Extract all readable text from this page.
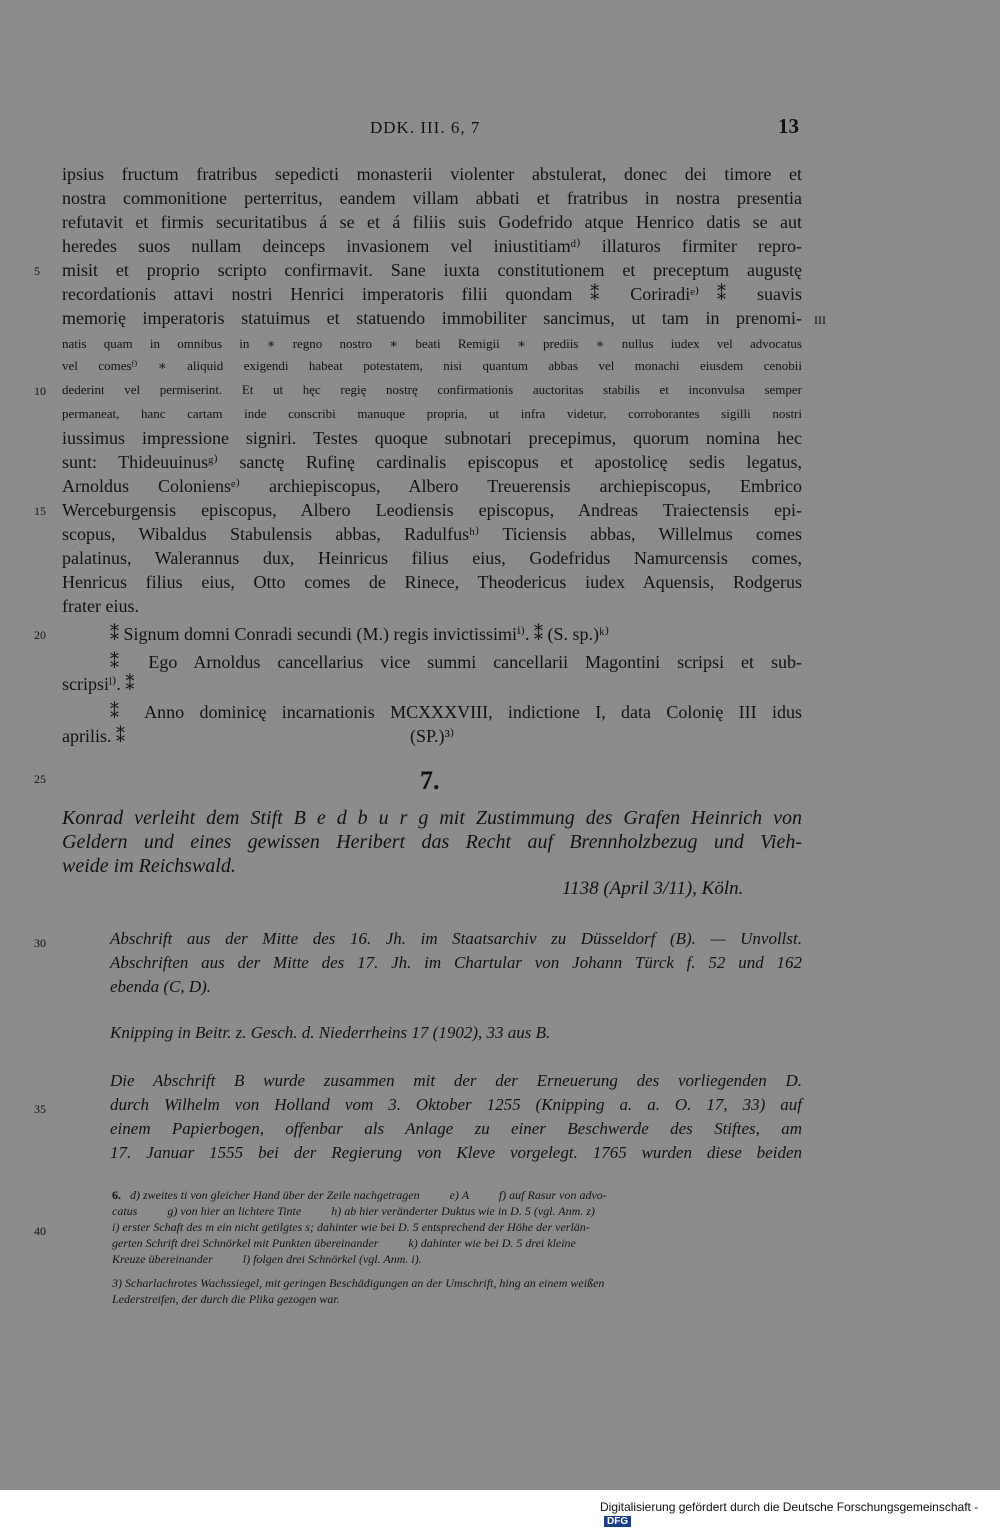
DDK. III. 6, 7	13
ipsius fructum fratribus sepedicti monasterii violenter abstulerat, donec dei timore et
nostra commonitione perterritus, eandem villam abbati et fratribus in nostra presentia
refutavit et firmis securitatibus á se et á filiis suis Godefrido atque Henrico datis se aut
heredes suos nullam deinceps invasionem vel iniustitiamᵈ⁾ illaturos firmiter repro-
misit et proprio scripto confirmavit. Sane iuxta constitutionem et preceptum augustę
recordationis attavi nostri Henrici imperatoris filii quondam ⁑ Coriradiᵉ⁾ ⁑ suavis
memorię imperatoris statuimus et statuendo immobiliter sancimus, ut tam in prenomi-
natis quam in omnibus in ∗ regno nostro ∗ beati Remigii ∗ prediis ∗ nullus iudex vel advocatus
vel comesᶠ⁾ ∗ aliquid exigendi habeat potestatem, nisi quantum abbas vel monachi eiusdem cenobii
dederint vel permiserint. Et ut hęc regię nostrę confirmationis auctoritas stabilis et inconvulsa semper
permaneat, hanc cartam inde conscribi manuque propria, ut infra videtur, corroborantes sigilli nostri
iussimus impressione signiri. Testes quoque subnotari precepimus, quorum nomina hec
sunt: Thideuuinusᵍ⁾ sanctę Rufinę cardinalis episcopus et apostolicę sedis legatus,
Arnoldus Coloniensᵉ⁾ archiepiscopus, Albero Treuerensis archiepiscopus, Embrico
Werceburgensis episcopus, Albero Leodiensis episcopus, Andreas Traiectensis epi-
scopus, Wibaldus Stabulensis abbas, Radulfusʰ⁾ Ticiensis abbas, Willelmus comes
palatinus, Walerannus dux, Heinricus filius eius, Godefridus Namurcensis comes,
Henricus filius eius, Otto comes de Rinece, Theodericus iudex Aquensis, Rodgerus
frater eius.
⁑ Signum domni Conradi secundi (M.) regis invictissimiⁱ⁾. ⁑ (S. sp.)ᵏ⁾
⁑ Ego Arnoldus cancellarius vice summi cancellarii Magontini scripsi et sub-
scripsiˡ⁾. ⁑
⁑ Anno dominicę incarnationis MCXXXVIII, indictione I, data Colonię III idus
aprilis. ⁑	(SP.)³⁾
5
10
15
20
25
30
35
40
III
7.
Konrad verleiht dem Stift B e d b u r g mit Zustimmung des Grafen Heinrich von
Geldern und eines gewissen Heribert das Recht auf Brennholzbezug und Vieh-
weide im Reichswald.
1138 (April 3/11), Köln.
Abschrift aus der Mitte des 16. Jh. im Staatsarchiv zu Düsseldorf (B). — Unvollst.
Abschriften aus der Mitte des 17. Jh. im Chartular von Johann Türck f. 52 und 162
ebenda (C, D).
Knipping in Beitr. z. Gesch. d. Niederrheins 17 (1902), 33 aus B.
Die Abschrift B wurde zusammen mit der der Erneuerung des vorliegenden D.
durch Wilhelm von Holland vom 3. Oktober 1255 (Knipping a. a. O. 17, 33) auf
einem Papierbogen, offenbar als Anlage zu einer Beschwerde des Stiftes, am
17. Januar 1555 bei der Regierung von Kleve vorgelegt. 1765 wurden diese beiden
6. d) zweites ti von gleicher Hand über der Zeile nachgetragen          e) A          f) auf Rasur von advo-
catus          g) von hier an lichtere Tinte          h) ab hier veränderter Duktus wie in D. 5 (vgl. Anm. z)
i) erster Schaft des m ein nicht getilgtes s; dahinter wie bei D. 5 entsprechend der Höhe der verlän-
gerten Schrift drei Schnörkel mit Punkten übereinander          k) dahinter wie bei D. 5 drei kleine
Kreuze übereinander          l) folgen drei Schnörkel (vgl. Anm. i).
3) Scharlachrotes Wachssiegel, mit geringen Beschädigungen an der Umschrift, hing an einem weißen
Lederstreifen, der durch die Plika gezogen war.
Digitalisierung gefördert durch die Deutsche Forschungsgemeinschaft - DFG
